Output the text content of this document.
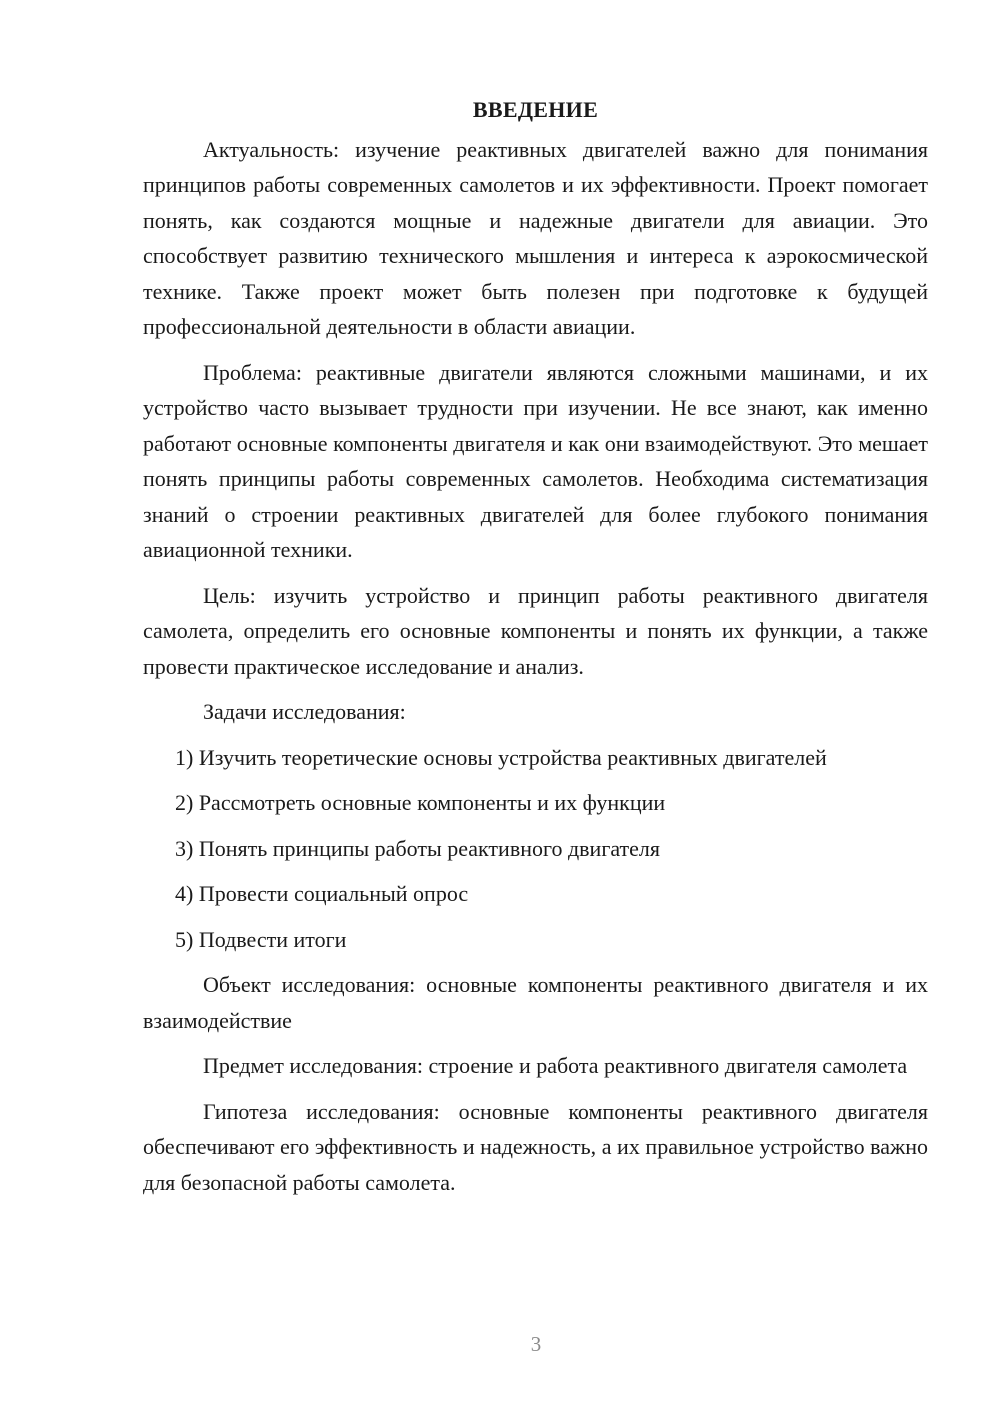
ВВЕДЕНИЕ

Актуальность: изучение реактивных двигателей важно для понимания принципов работы современных самолетов и их эффективности. Проект помогает понять, как создаются мощные и надежные двигатели для авиации. Это способствует развитию технического мышления и интереса к аэрокосмической технике. Также проект может быть полезен при подготовке к будущей профессиональной деятельности в области авиации.

Проблема: реактивные двигатели являются сложными машинами, и их устройство часто вызывает трудности при изучении. Не все знают, как именно работают основные компоненты двигателя и как они взаимодействуют. Это мешает понять принципы работы современных самолетов. Необходима систематизация знаний о строении реактивных двигателей для более глубокого понимания авиационной техники.

Цель: изучить устройство и принцип работы реактивного двигателя самолета, определить его основные компоненты и понять их функции, а также провести практическое исследование и анализ.

Задачи исследования:

1) Изучить теоретические основы устройства реактивных двигателей

2) Рассмотреть основные компоненты и их функции

3) Понять принципы работы реактивного двигателя

4) Провести социальный опрос

5) Подвести итоги

Объект исследования: основные компоненты реактивного двигателя и их взаимодействие

Предмет исследования: строение и работа реактивного двигателя самолета

Гипотеза исследования: основные компоненты реактивного двигателя обеспечивают его эффективность и надежность, а их правильное устройство важно для безопасной работы самолета.

3
